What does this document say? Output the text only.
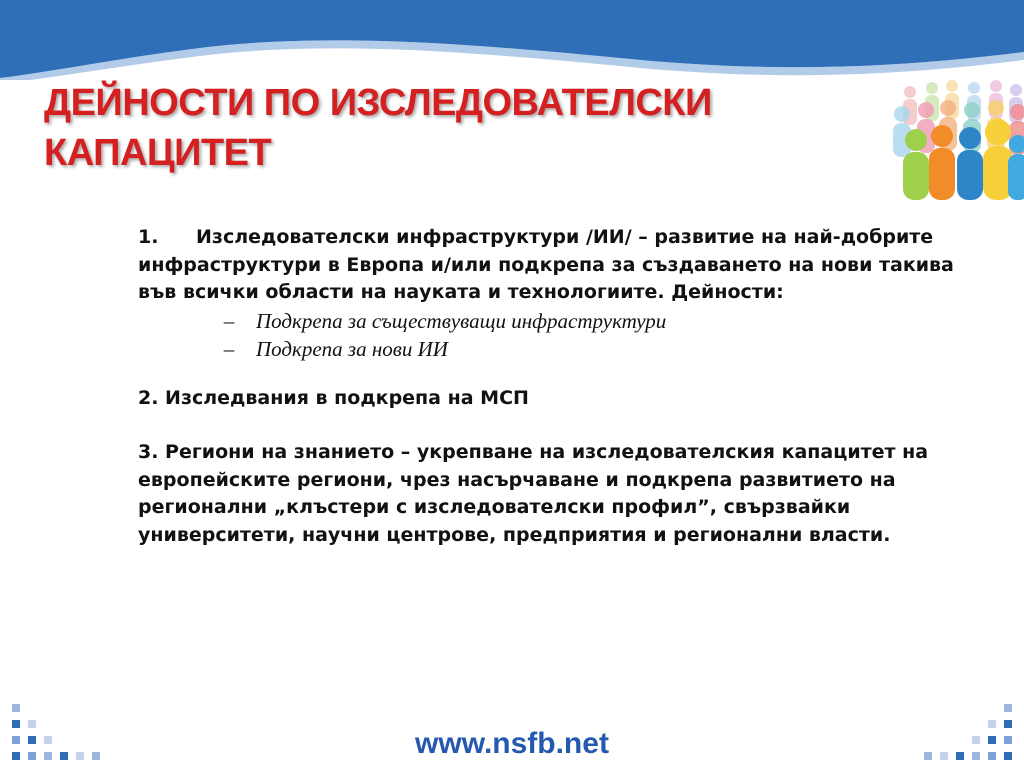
ДЕЙНОСТИ ПО ИЗСЛЕДОВАТЕЛСКИ
КАПАЦИТЕТ

1. Изследователски инфраструктури /ИИ/ – развитие на най-добрите инфраструктури в Европа и/или подкрепа за създаването на нови такива във всички области на науката и технологиите. Дейности:

– Подкрепа за съществуващи инфраструктури

– Подкрепа за нови ИИ

2. Изследвания в подкрепа на МСП

3. Региони на знанието – укрепване на изследователския капацитет на европейските региони, чрез насърчаване и подкрепа развитието на регионални „клъстери с изследователски профил”, свързвайки университети, научни центрове, предприятия и регионални власти.

www.nsfb.net
